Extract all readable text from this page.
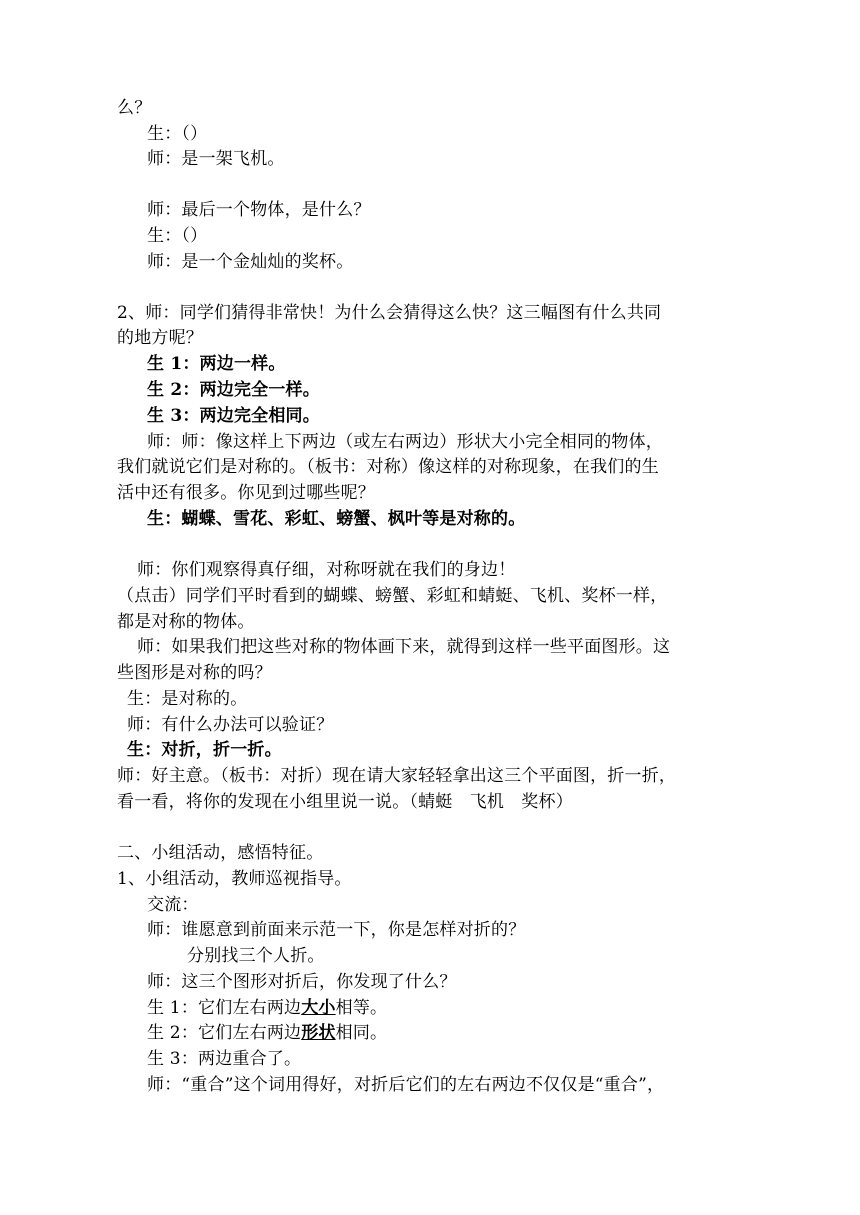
么？
生：（）
师：是一架飞机。
师：最后一个物体，是什么？
生：（）
师：是一个金灿灿的奖杯。
2、师：同学们猜得非常快！为什么会猜得这么快？这三幅图有什么共同
的地方呢？
生 1：两边一样。
生 2：两边完全一样。
生 3：两边完全相同。
师：师：像这样上下两边（或左右两边）形状大小完全相同的物体，
我们就说它们是对称的。（板书：对称）像这样的对称现象，在我们的生
活中还有很多。你见到过哪些呢？
生：蝴蝶、雪花、彩虹、螃蟹、枫叶等是对称的。
师：你们观察得真仔细，对称呀就在我们的身边！
（点击）同学们平时看到的蝴蝶、螃蟹、彩虹和蜻蜓、飞机、奖杯一样，
都是对称的物体。
师：如果我们把这些对称的物体画下来，就得到这样一些平面图形。这
些图形是对称的吗？
生：是对称的。
师：有什么办法可以验证？
生：对折，折一折。
师：好主意。（板书：对折）现在请大家轻轻拿出这三个平面图，折一折，
看一看，将你的发现在小组里说一说。（蜻蜓　飞机　奖杯）
二、小组活动，感悟特征。
1、小组活动，教师巡视指导。
交流：
师：谁愿意到前面来示范一下，你是怎样对折的？
分别找三个人折。
师：这三个图形对折后，你发现了什么？
生 1：它们左右两边大小相等。
生 2：它们左右两边形状相同。
生 3：两边重合了。
师：“重合”这个词用得好，对折后它们的左右两边不仅仅是“重合”，
